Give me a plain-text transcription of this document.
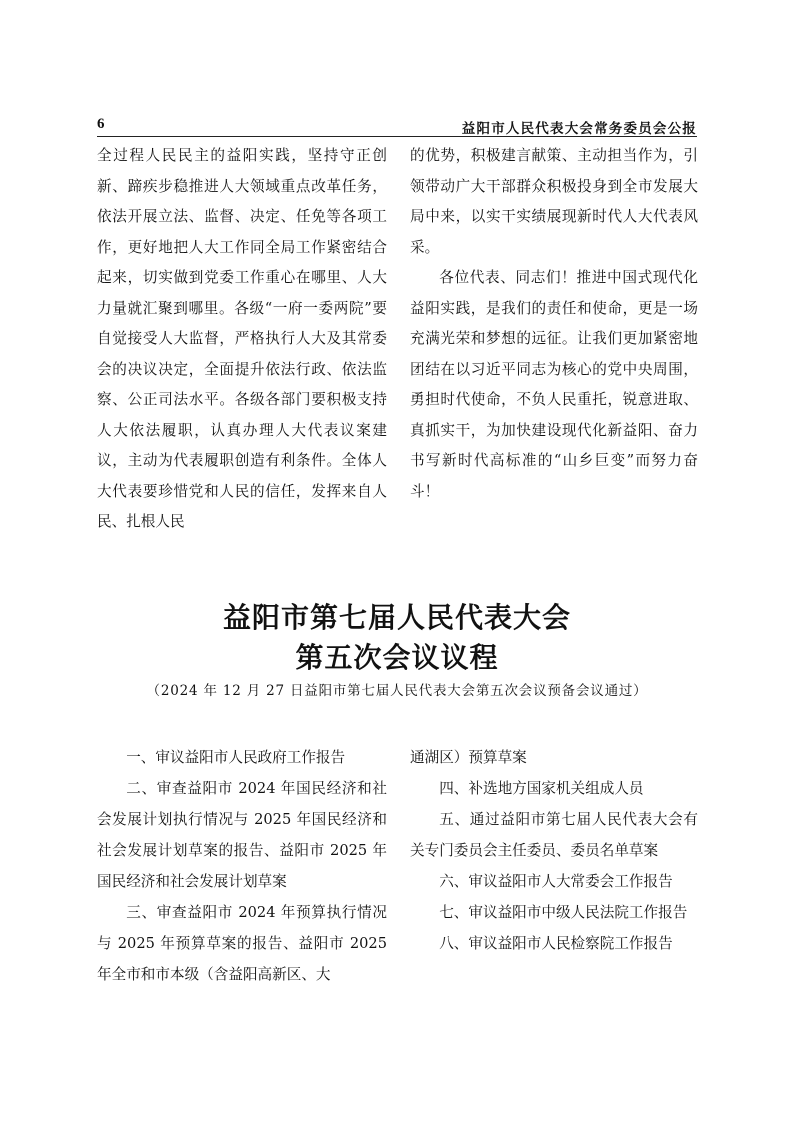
6	益阳市人民代表大会常务委员会公报

全过程人民民主的益阳实践，坚持守正创新、蹄疾步稳推进人大领域重点改革任务，依法开展立法、监督、决定、任免等各项工作，更好地把人大工作同全局工作紧密结合起来，切实做到党委工作重心在哪里、人大力量就汇聚到哪里。各级“一府一委两院”要自觉接受人大监督，严格执行人大及其常委会的决议决定，全面提升依法行政、依法监察、公正司法水平。各级各部门要积极支持人大依法履职，认真办理人大代表议案建议，主动为代表履职创造有利条件。全体人大代表要珍惜党和人民的信任，发挥来自人民、扎根人民

的优势，积极建言献策、主动担当作为，引领带动广大干部群众积极投身到全市发展大局中来，以实干实绩展现新时代人大代表风采。

各位代表、同志们！推进中国式现代化益阳实践，是我们的责任和使命，更是一场充满光荣和梦想的远征。让我们更加紧密地团结在以习近平同志为核心的党中央周围，勇担时代使命，不负人民重托，锐意进取、真抓实干，为加快建设现代化新益阳、奋力书写新时代高标准的“山乡巨变”而努力奋斗！

益阳市第七届人民代表大会
第五次会议议程
（2024 年 12 月 27 日益阳市第七届人民代表大会第五次会议预备会议通过）

一、审议益阳市人民政府工作报告

二、审查益阳市 2024 年国民经济和社会发展计划执行情况与 2025 年国民经济和社会发展计划草案的报告、益阳市 2025 年国民经济和社会发展计划草案

三、审查益阳市 2024 年预算执行情况与 2025 年预算草案的报告、益阳市 2025 年全市和市本级（含益阳高新区、大

通湖区）预算草案

四、补选地方国家机关组成人员

五、通过益阳市第七届人民代表大会有关专门委员会主任委员、委员名单草案

六、审议益阳市人大常委会工作报告

七、审议益阳市中级人民法院工作报告

八、审议益阳市人民检察院工作报告
